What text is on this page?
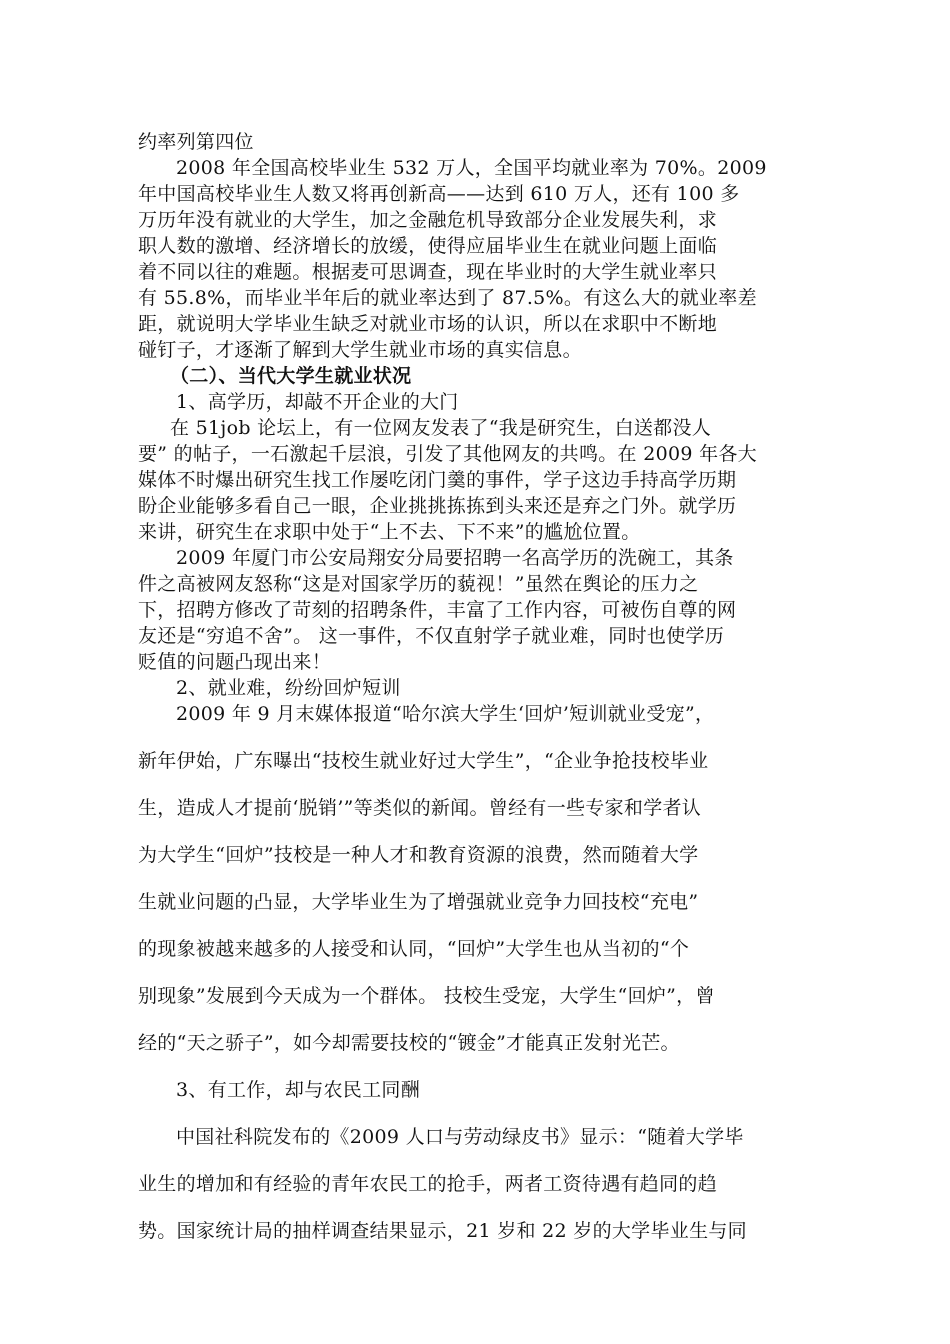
约率列第四位

2008 年全国高校毕业生 532 万人，全国平均就业率为 70%。2009

年中国高校毕业生人数又将再创新高——达到 610 万人，还有 100 多

万历年没有就业的大学生，加之金融危机导致部分企业发展失利，求

职人数的激增、经济增长的放缓，使得应届毕业生在就业问题上面临

着不同以往的难题。根据麦可思调查，现在毕业时的大学生就业率只

有 55.8%，而毕业半年后的就业率达到了 87.5%。有这么大的就业率差

距，就说明大学毕业生缺乏对就业市场的认识，所以在求职中不断地

碰钉子，才逐渐了解到大学生就业市场的真实信息。

（二）、当代大学生就业状况

1、高学历，却敲不开企业的大门

在 51job 论坛上，有一位网友发表了“我是研究生，白送都没人

要” 的帖子，一石激起千层浪，引发了其他网友的共鸣。在 2009 年各大

媒体不时爆出研究生找工作屡吃闭门羹的事件，学子这边手持高学历期

盼企业能够多看自己一眼，企业挑挑拣拣到头来还是弃之门外。就学历

来讲，研究生在求职中处于“上不去、下不来”的尴尬位置。

2009 年厦门市公安局翔安分局要招聘一名高学历的洗碗工，其条

件之高被网友怒称“这是对国家学历的藐视！”虽然在舆论的压力之

下，招聘方修改了苛刻的招聘条件，丰富了工作内容，可被伤自尊的网

友还是“穷追不舍”。 这一事件，不仅直射学子就业难，同时也使学历

贬值的问题凸现出来！

2、就业难，纷纷回炉短训

2009 年 9 月末媒体报道“哈尔滨大学生‘回炉’短训就业受宠”，

新年伊始，广东曝出“技校生就业好过大学生”，“企业争抢技校毕业

生，造成人才提前‘脱销’”等类似的新闻。曾经有一些专家和学者认

为大学生“回炉”技校是一种人才和教育资源的浪费，然而随着大学

生就业问题的凸显，大学毕业生为了增强就业竞争力回技校“充电”

的现象被越来越多的人接受和认同，“回炉”大学生也从当初的“个

别现象”发展到今天成为一个群体。 技校生受宠，大学生“回炉”，曾

经的“天之骄子”，如今却需要技校的“镀金”才能真正发射光芒。

3、有工作，却与农民工同酬

中国社科院发布的《2009 人口与劳动绿皮书》显示：“随着大学毕

业生的增加和有经验的青年农民工的抢手，两者工资待遇有趋同的趋

势。国家统计局的抽样调查结果显示，21 岁和 22 岁的大学毕业生与同
